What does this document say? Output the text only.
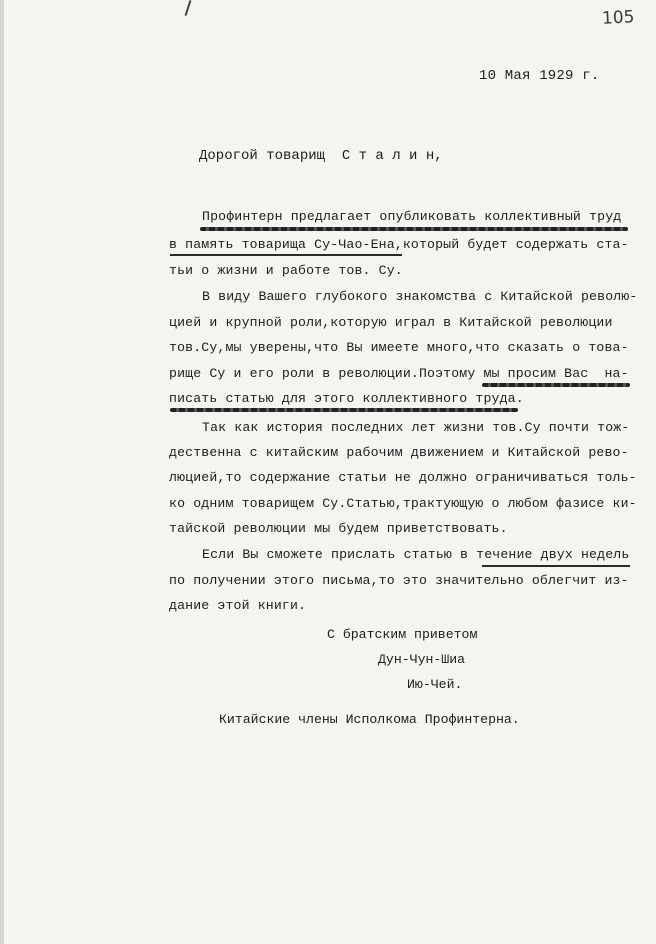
105
10 Мая 1929 г.
Дорогой товарищ  С т а л и н,
Профинтерн предлагает опубликовать коллективный труд
в память товарища Су-Чао-Ена,который будет содержать ста-
тьи о жизни и работе тов. Су.
В виду Вашего глубокого знакомства с Китайской револю-
цией и крупной роли,которую играл в Китайской революции
тов.Су,мы уверены,что Вы имеете много,что сказать о това-
рище Су и его роли в революции.Поэтому мы просим Вас  на-
писать статью для этого коллективного труда.
Так как история последних лет жизни тов.Су почти тож-
дественна с китайским рабочим движением и Китайской рево-
люцией,то содержание статьи не должно ограничиваться толь-
ко одним товарищем Су.Статью,трактующую о любом фазисе ки-
тайской революции мы будем приветствовать.
Если Вы сможете прислать статью в течение двух недель
по получении этого письма,то это значительно облегчит из-
дание этой книги.
С братским приветом
Дун-Чун-Шиа
Ию-Чей.
Китайские члены Исполкома Профинтерна.
